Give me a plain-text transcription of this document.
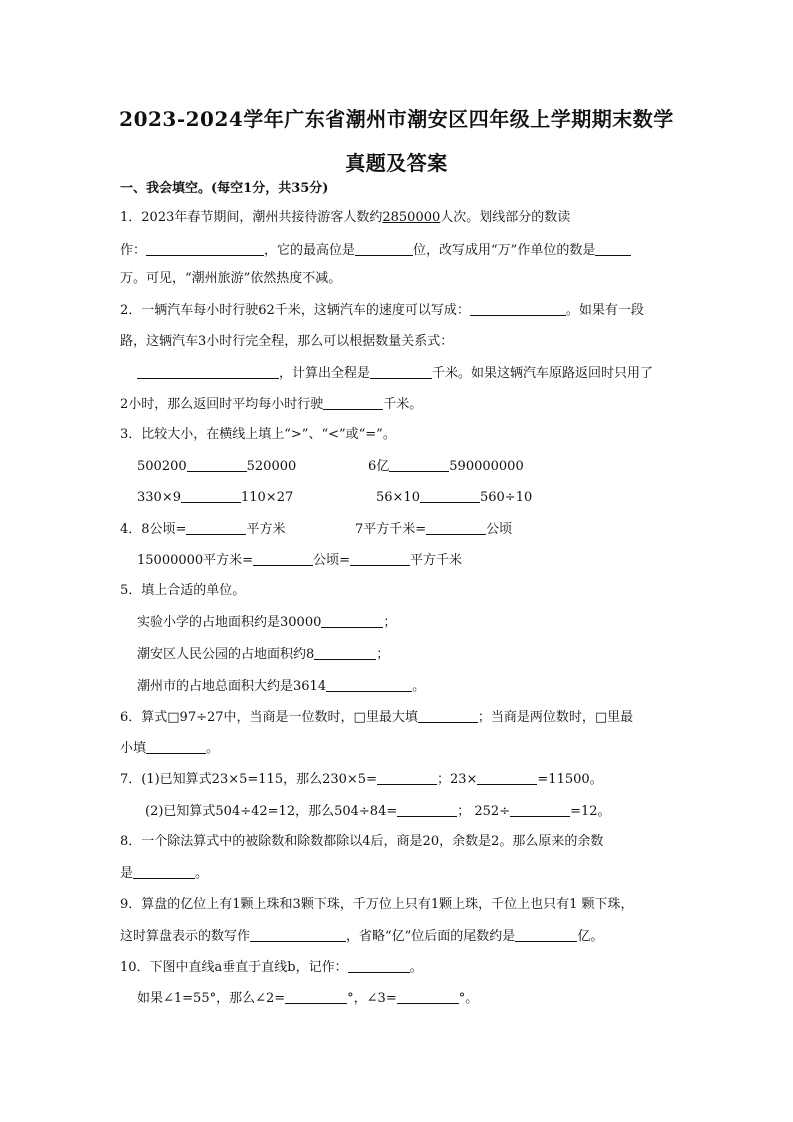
2023-2024学年广东省潮州市潮安区四年级上学期期末数学
真题及答案
一、我会填空。(每空1分，共35分)
1．2023年春节期间，潮州共接待游客人数约2850000人次。划线部分的数读
作：	，它的最高位是	位，改写成用“万”作单位的数是
万。可见，“潮州旅游”依然热度不减。
2．一辆汽车每小时行驶62千米，这辆汽车的速度可以写成：	。如果有一段
路，这辆汽车3小时行完全程，那么可以根据数量关系式：
，计算出全程是	千米。如果这辆汽车原路返回时只用了
2小时，那么返回时平均每小时行驶	千米。
3．比较大小，在横线上填上“>”、“<”或“=”。
500200	520000	6亿	590000000
330×9	110×27	56×10	560÷10
4．8公顷=	平方米	7平方千米=	公顷
15000000平方米=	公顷=	平方千米
5．填上合适的单位。
实验小学的占地面积约是30000	；
潮安区人民公园的占地面积约8	；
潮州市的占地总面积大约是3614	。
6．算式□97÷27中，当商是一位数时，□里最大填	；当商是两位数时，□里最
小填	。
7．(1)已知算式23×5=115，那么230×5=	；23×	=11500。
(2)已知算式504÷42=12，那么504÷84=	； 252÷	=12。
8．一个除法算式中的被除数和除数都除以4后，商是20，余数是2。那么原来的余数
是	。
9．算盘的亿位上有1颗上珠和3颗下珠，千万位上只有1颗上珠，千位上也只有1 颗下珠，
这时算盘表示的数写作	，省略“亿”位后面的尾数约是	亿。
10．下图中直线a垂直于直线b，记作：	。
如果∠1=55°，那么∠2=	°，∠3=	°。
